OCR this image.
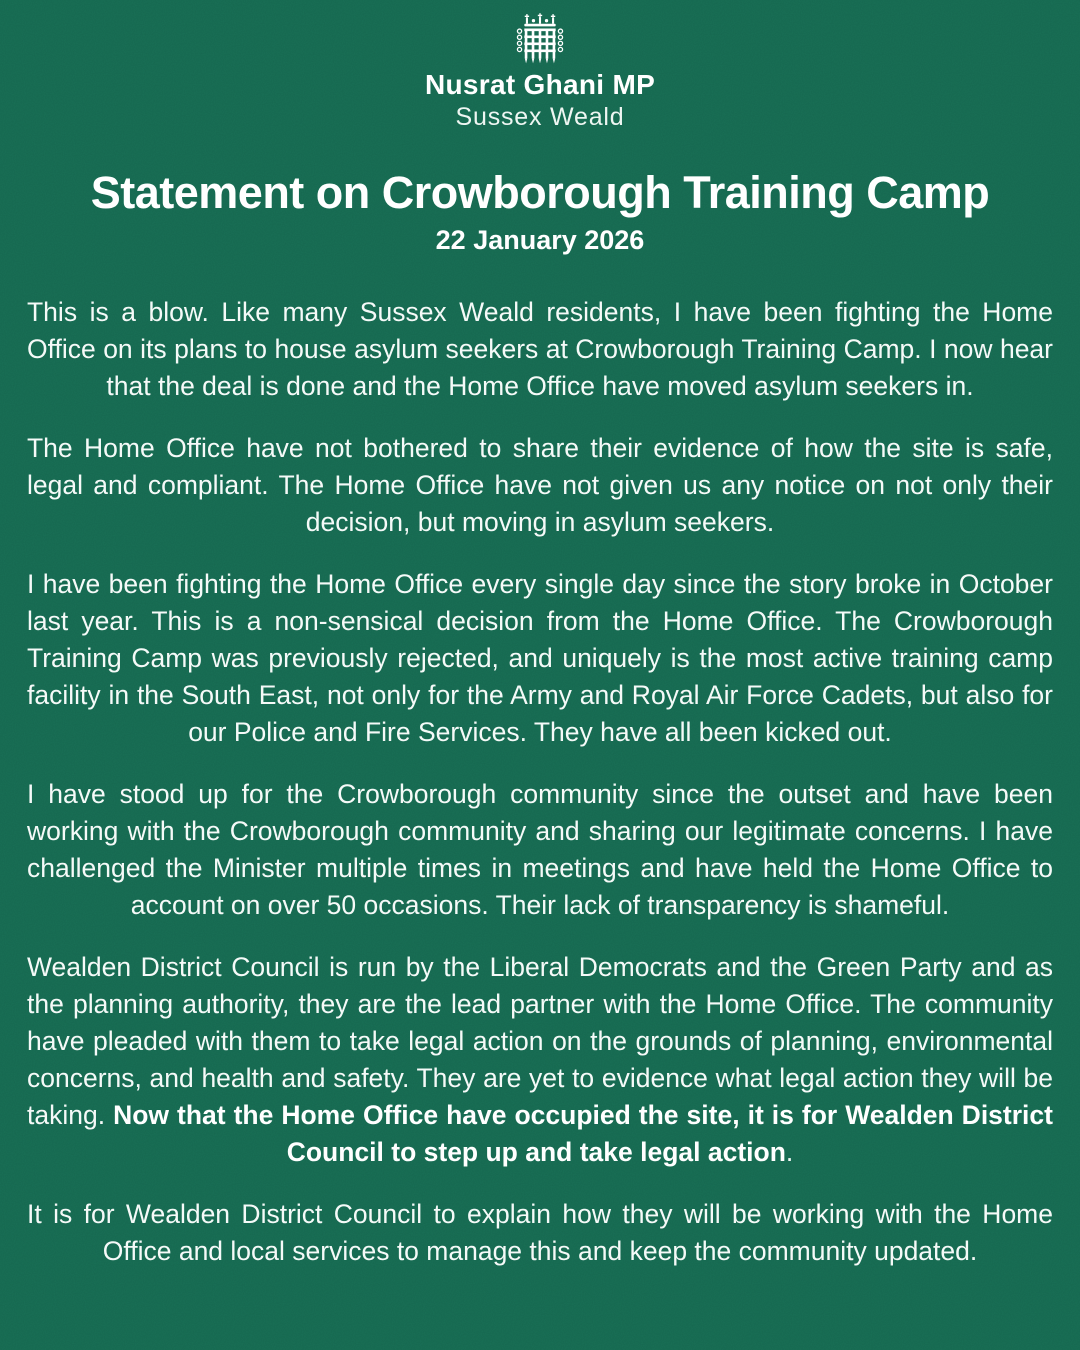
Nusrat Ghani MP
Sussex Weald
Statement on Crowborough Training Camp
22 January 2026

This is a blow. Like many Sussex Weald residents, I have been fighting the Home Office on its plans to house asylum seekers at Crowborough Training Camp. I now hear that the deal is done and the Home Office have moved asylum seekers in.

The Home Office have not bothered to share their evidence of how the site is safe, legal and compliant. The Home Office have not given us any notice on not only their decision, but moving in asylum seekers.

I have been fighting the Home Office every single day since the story broke in October last year. This is a non-sensical decision from the Home Office. The Crowborough Training Camp was previously rejected, and uniquely is the most active training camp facility in the South East, not only for the Army and Royal Air Force Cadets, but also for our Police and Fire Services. They have all been kicked out.

I have stood up for the Crowborough community since the outset and have been working with the Crowborough community and sharing our legitimate concerns. I have challenged the Minister multiple times in meetings and have held the Home Office to account on over 50 occasions. Their lack of transparency is shameful.

Wealden District Council is run by the Liberal Democrats and the Green Party and as the planning authority, they are the lead partner with the Home Office. The community have pleaded with them to take legal action on the grounds of planning, environmental concerns, and health and safety. They are yet to evidence what legal action they will be taking. Now that the Home Office have occupied the site, it is for Wealden District Council to step up and take legal action.

It is for Wealden District Council to explain how they will be working with the Home Office and local services to manage this and keep the community updated.
